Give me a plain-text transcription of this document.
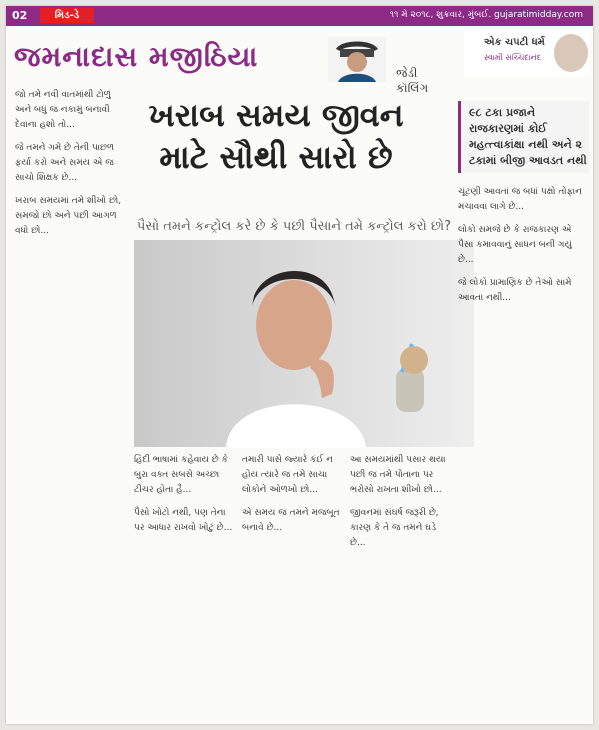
02	મિડ-ડે	૧૧ મે ૨૦૧૮, શુક્રવાર, મુંબઈ. gujaratimidday.com
જમનાદાસ મજીઠિયા	જેડી કૉલિંગ
એક ચપટી ધર્મ
સ્વામી સચ્ચિદાનંદ
ખરાબ સમય જીવન
માટે સૌથી સારો છે
પૈસો તમને કન્ટ્રોલ કરે છે કે પછી પૈસાને તમે કન્ટ્રોલ કરો છો?

જો તમે નવી વાતમાંથી ટોળું અને બધું જ નકામું બનાવી દેવાના હશો તો...

જે તમને ગમે છે તેની પાછળ ફર્યા કરો અને સમય એ જ સાચો શિક્ષક છે...

ખરાબ સમયમાં તમે શીખો છો, સમજો છો અને પછી આગળ વધો છો...

હિંદી ભાષામાં કહેવાય છે કે બુરા વક્ત સબસે અચ્છા ટીચર હોતા હૈ...

પૈસો ખોટો નથી, પણ તેના પર આધાર રાખવો ખોટું છે...

તમારી પાસે જ્યારે કંઈ ન હોય ત્યારે જ તમે સાચા લોકોને ઓળખો છો...

એ સમય જ તમને મજબૂત બનાવે છે...

આ સમયમાંથી પસાર થયા પછી જ તમે પોતાના પર ભરોસો રાખતા શીખો છો...

જીવનમાં સંઘર્ષ જરૂરી છે, કારણ કે તે જ તમને ઘડે છે...

૯૮ ટકા પ્રજાને રાજકારણમાં કોઈ મહત્ત્વાકાંક્ષા નથી અને ૨ ટકામાં બીજી આવડત નથી

ચૂંટણી આવતાં જ બધાં પક્ષો તોફાન મચાવવા લાગે છે...

લોકો સમજે છે કે રાજકારણ એ પૈસા કમાવવાનું સાધન બની ગયું છે...

જે લોકો પ્રામાણિક છે તેઓ સામે આવતા નથી...
